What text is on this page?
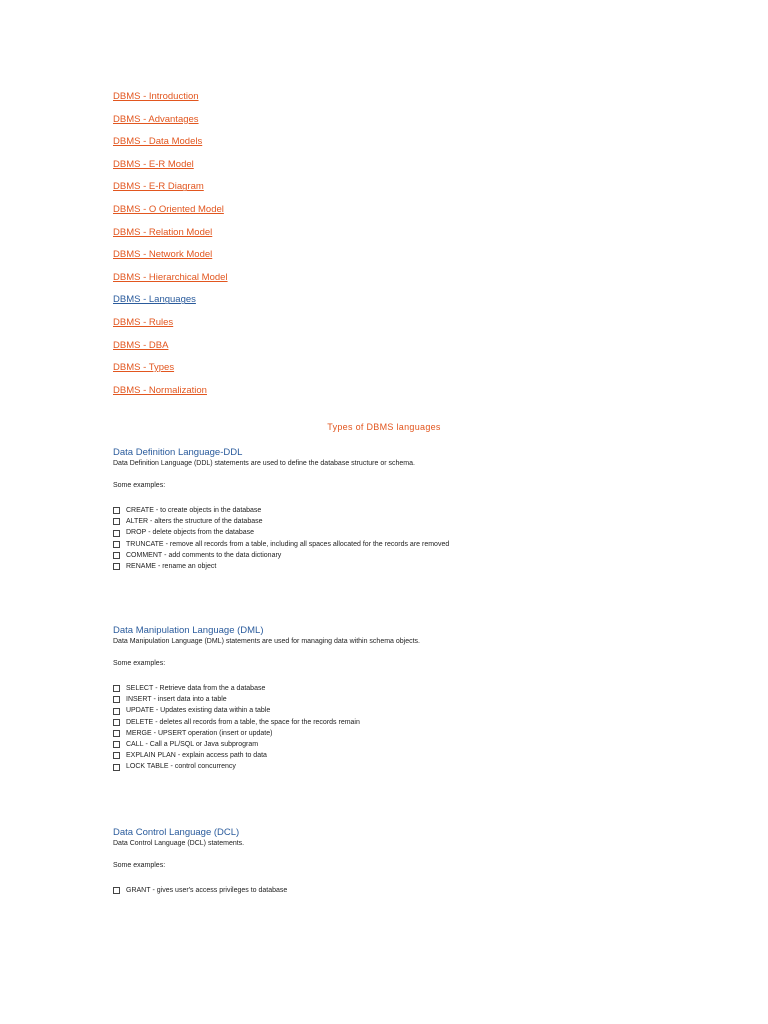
DBMS - Introduction
DBMS - Advantages
DBMS - Data Models
DBMS - E-R Model
DBMS - E-R Diagram
DBMS - O Oriented Model
DBMS - Relation Model
DBMS - Network Model
DBMS - Hierarchical Model
DBMS - Languages
DBMS - Rules
DBMS - DBA
DBMS - Types
DBMS - Normalization
Types of DBMS languages
Data Definition Language-DDL

Data Definition Language (DDL) statements are used to define the database structure or schema.

Some examples:

CREATE - to create objects in the database
ALTER - alters the structure of the database
DROP - delete objects from the database
TRUNCATE - remove all records from a table, including all spaces allocated for the records are removed
COMMENT - add comments to the data dictionary
RENAME - rename an object
Data Manipulation Language (DML)

Data Manipulation Language (DML) statements are used for managing data within schema objects.

Some examples:

SELECT - Retrieve data from the a database
INSERT - insert data into a table
UPDATE - Updates existing data within a table
DELETE - deletes all records from a table, the space for the records remain
MERGE - UPSERT operation (insert or update)
CALL - Call a PL/SQL or Java subprogram
EXPLAIN PLAN - explain access path to data
LOCK TABLE - control concurrency
Data Control Language (DCL)

Data Control Language (DCL) statements.

Some examples:

GRANT - gives user's access privileges to database
